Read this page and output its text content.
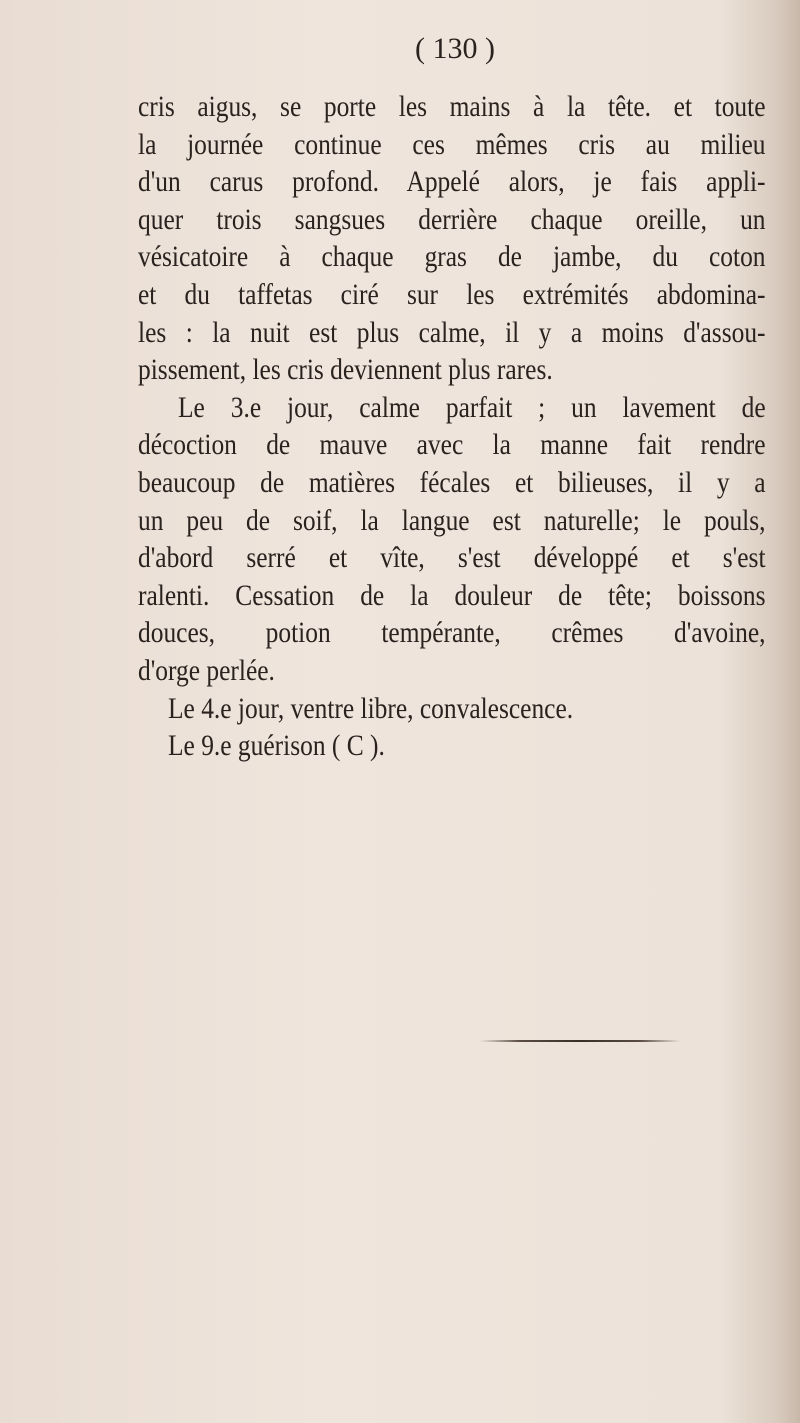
( 130 )
cris aigus, se porte les mains à la tête. et toute
la journée continue ces mêmes cris au milieu
d'un carus profond. Appelé alors, je fais appli-
quer trois sangsues derrière chaque oreille, un
vésicatoire à chaque gras de jambe, du coton
et du taffetas ciré sur les extrémités abdomina-
les : la nuit est plus calme, il y a moins d'assou-
pissement, les cris deviennent plus rares.
Le 3.e jour, calme parfait ; un lavement de
décoction de mauve avec la manne fait rendre
beaucoup de matières fécales et bilieuses, il y a
un peu de soif, la langue est naturelle; le pouls,
d'abord serré et vîte, s'est développé et s'est
ralenti. Cessation de la douleur de tête; boissons
douces, potion tempérante, crêmes d'avoine,
d'orge perlée.
Le 4.e jour, ventre libre, convalescence.
Le 9.e guérison ( C ).
